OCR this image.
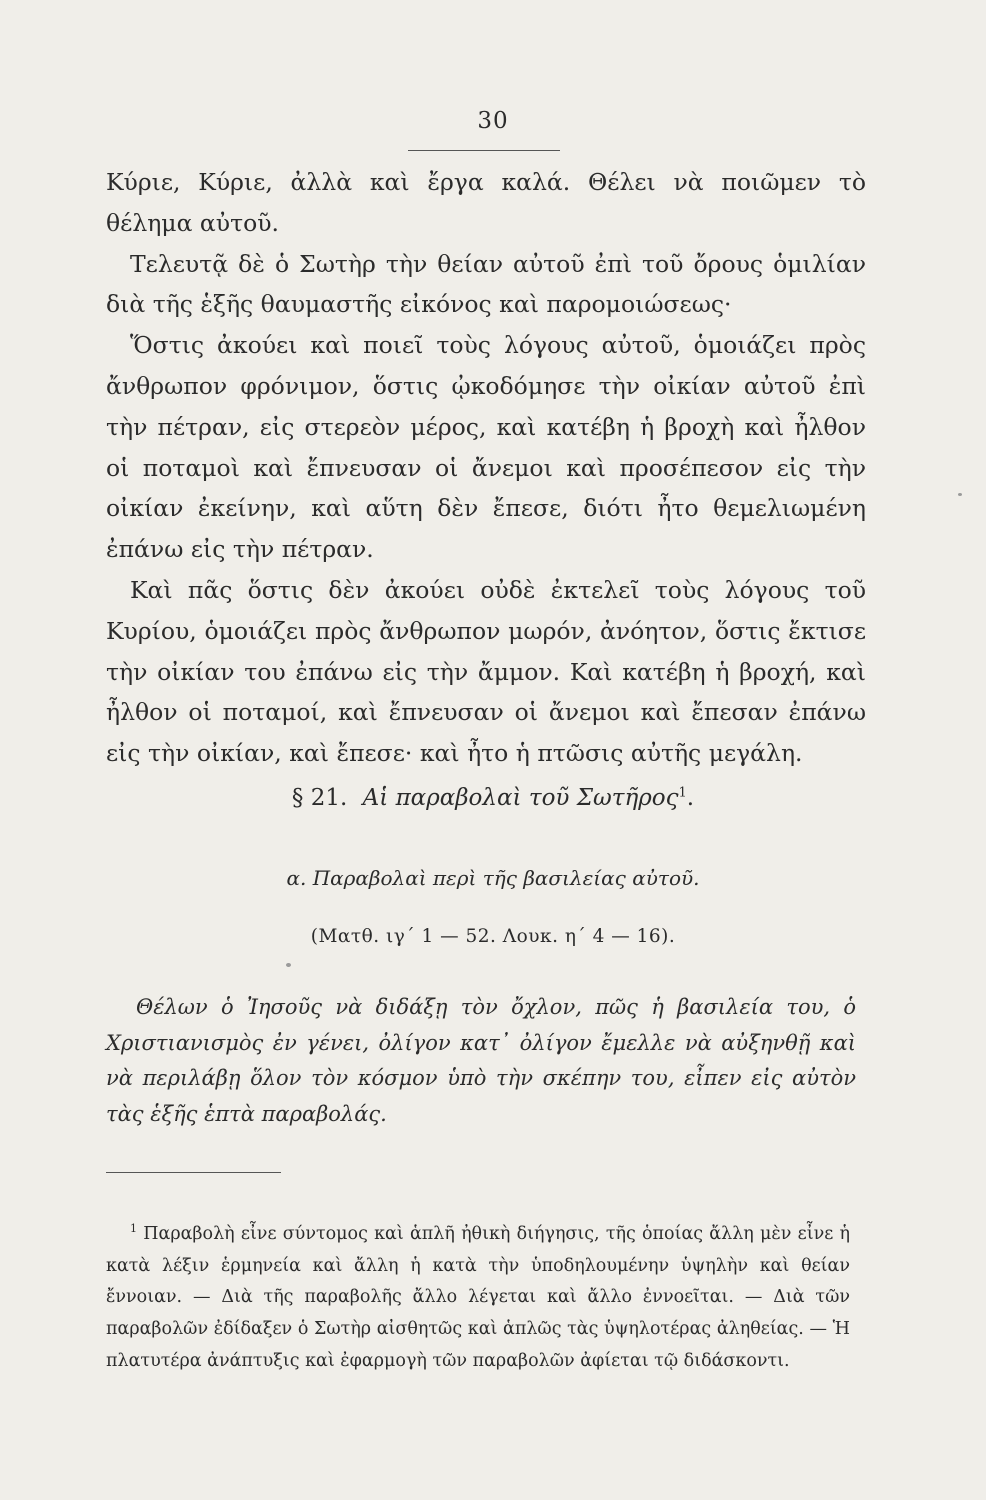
30

Κύριε, Κύριε, ἀλλὰ καὶ ἔργα καλά. Θέλει νὰ ποιῶμεν τὸ θέλημα αὐτοῦ.

Τελευτᾷ δὲ ὁ Σωτὴρ τὴν θείαν αὐτοῦ ἐπὶ τοῦ ὄρους ὁμιλίαν διὰ τῆς ἑξῆς θαυμαστῆς εἰκόνος καὶ παρομοιώσεως·

Ὅστις ἀκούει καὶ ποιεῖ τοὺς λόγους αὐτοῦ, ὁμοιάζει πρὸς ἄνθρωπον φρόνιμον, ὅστις ᾠκοδόμησε τὴν οἰκίαν αὐτοῦ ἐπὶ τὴν πέτραν, εἰς στερεὸν μέρος, καὶ κατέβη ἡ βροχὴ καὶ ἦλθον οἱ ποταμοὶ καὶ ἔπνευσαν οἱ ἄνεμοι καὶ προσέπεσον εἰς τὴν οἰκίαν ἐκείνην, καὶ αὕτη δὲν ἔπεσε, διότι ἦτο θεμελιωμένη ἐπάνω εἰς τὴν πέτραν.

Καὶ πᾶς ὅστις δὲν ἀκούει οὐδὲ ἐκτελεῖ τοὺς λόγους τοῦ Κυρίου, ὁμοιάζει πρὸς ἄνθρωπον μωρόν, ἀνόητον, ὅστις ἔκτισε τὴν οἰκίαν του ἐπάνω εἰς τὴν ἄμμον. Καὶ κατέβη ἡ βροχή, καὶ ἦλθον οἱ ποταμοί, καὶ ἔπνευσαν οἱ ἄνεμοι καὶ ἔπεσαν ἐπάνω εἰς τὴν οἰκίαν, καὶ ἔπεσε· καὶ ἦτο ἡ πτῶσις αὐτῆς μεγάλη.

§ 21. Αἱ παραβολαὶ τοῦ Σωτῆρος$^1$.
α. Παραβολαὶ περὶ τῆς βασιλείας αὐτοῦ.
(Ματθ. ιγ΄ 1 — 52. Λουκ. η΄ 4 — 16).
Θέλων ὁ Ἰησοῦς νὰ διδάξῃ τὸν ὄχλον, πῶς ἡ βασιλεία του, ὁ Χριστιανισμὸς ἐν γένει, ὀλίγον κατ᾽ ὀλίγον ἔμελλε νὰ αὐξηνθῇ καὶ νὰ περιλάβῃ ὅλον τὸν κόσμον ὑπὸ τὴν σκέπην του, εἶπεν εἰς αὐτὸν τὰς ἑξῆς ἑπτὰ παραβολάς.
$^1$ Παραβολὴ εἶνε σύντομος καὶ ἁπλῆ ἠθικὴ διήγησις, τῆς ὁποίας ἄλλη μὲν εἶνε ἡ κατὰ λέξιν ἑρμηνεία καὶ ἄλλη ἡ κατὰ τὴν ὑποδηλουμένην ὑψηλὴν καὶ θείαν ἔννοιαν. — Διὰ τῆς παραβολῆς ἄλλο λέγεται καὶ ἄλλο ἐννοεῖται. — Διὰ τῶν παραβολῶν ἐδίδαξεν ὁ Σωτὴρ αἰσθητῶς καὶ ἁπλῶς τὰς ὑψηλοτέρας ἀληθείας. — Ἡ πλατυτέρα ἀνάπτυξις καὶ ἐφαρμογὴ τῶν παραβολῶν ἀφίεται τῷ διδάσκοντι.
